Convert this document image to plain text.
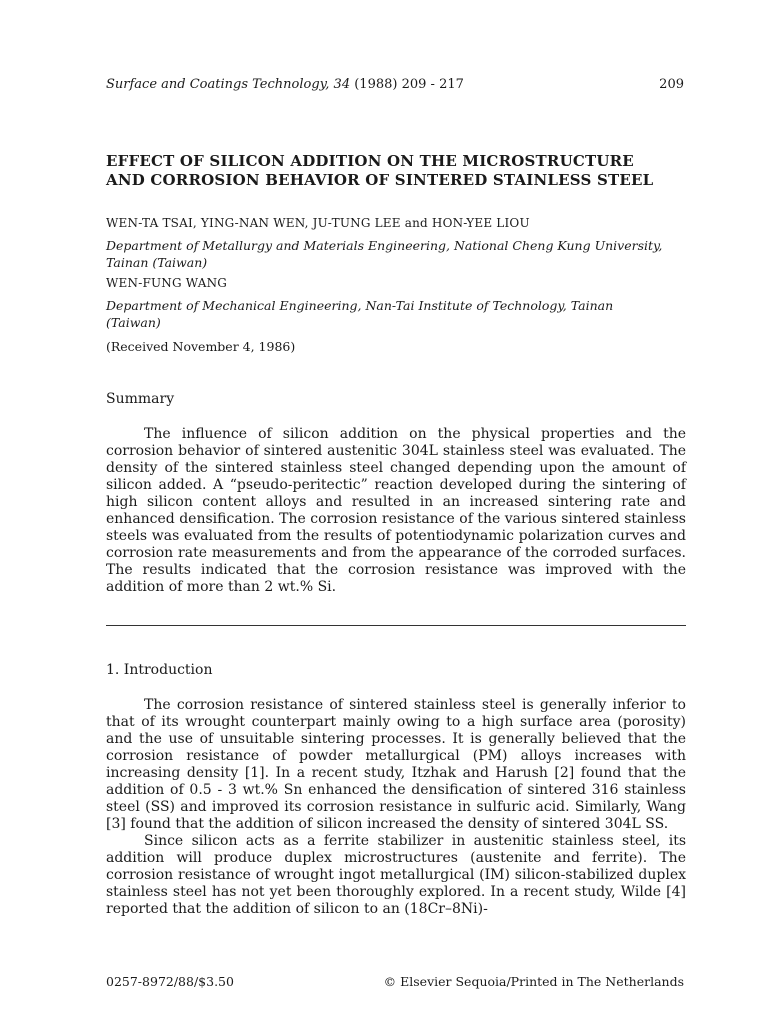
Surface and Coatings Technology, 34 (1988) 209 - 217	209
EFFECT OF SILICON ADDITION ON THE MICROSTRUCTURE
AND CORROSION BEHAVIOR OF SINTERED STAINLESS STEEL
WEN-TA TSAI, YING-NAN WEN, JU-TUNG LEE and HON-YEE LIOU
Department of Metallurgy and Materials Engineering, National Cheng Kung University,
Tainan (Taiwan)
WEN-FUNG WANG
Department of Mechanical Engineering, Nan-Tai Institute of Technology, Tainan
(Taiwan)
(Received November 4, 1986)
Summary

The influence of silicon addition on the physical properties and the corrosion behavior of sintered austenitic 304L stainless steel was evaluated. The density of the sintered stainless steel changed depending upon the amount of silicon added. A “pseudo-peritectic” reaction developed during the sintering of high silicon content alloys and resulted in an increased sintering rate and enhanced densification. The corrosion resistance of the various sintered stainless steels was evaluated from the results of potentiodynamic polarization curves and corrosion rate measurements and from the appearance of the corroded surfaces. The results indicated that the corrosion resistance was improved with the addition of more than 2 wt.% Si.

1. Introduction

The corrosion resistance of sintered stainless steel is generally inferior to that of its wrought counterpart mainly owing to a high surface area (porosity) and the use of unsuitable sintering processes. It is generally believed that the corrosion resistance of powder metallurgical (PM) alloys increases with increasing density [1]. In a recent study, Itzhak and Harush [2] found that the addition of 0.5 - 3 wt.% Sn enhanced the densification of sintered 316 stainless steel (SS) and improved its corrosion resistance in sulfuric acid. Similarly, Wang [3] found that the addition of silicon increased the density of sintered 304L SS.

Since silicon acts as a ferrite stabilizer in austenitic stainless steel, its addition will produce duplex microstructures (austenite and ferrite). The corrosion resistance of wrought ingot metallurgical (IM) silicon-stabilized duplex stainless steel has not yet been thoroughly explored. In a recent study, Wilde [4] reported that the addition of silicon to an (18Cr–8Ni)-

0257-8972/88/$3.50	© Elsevier Sequoia/Printed in The Netherlands
